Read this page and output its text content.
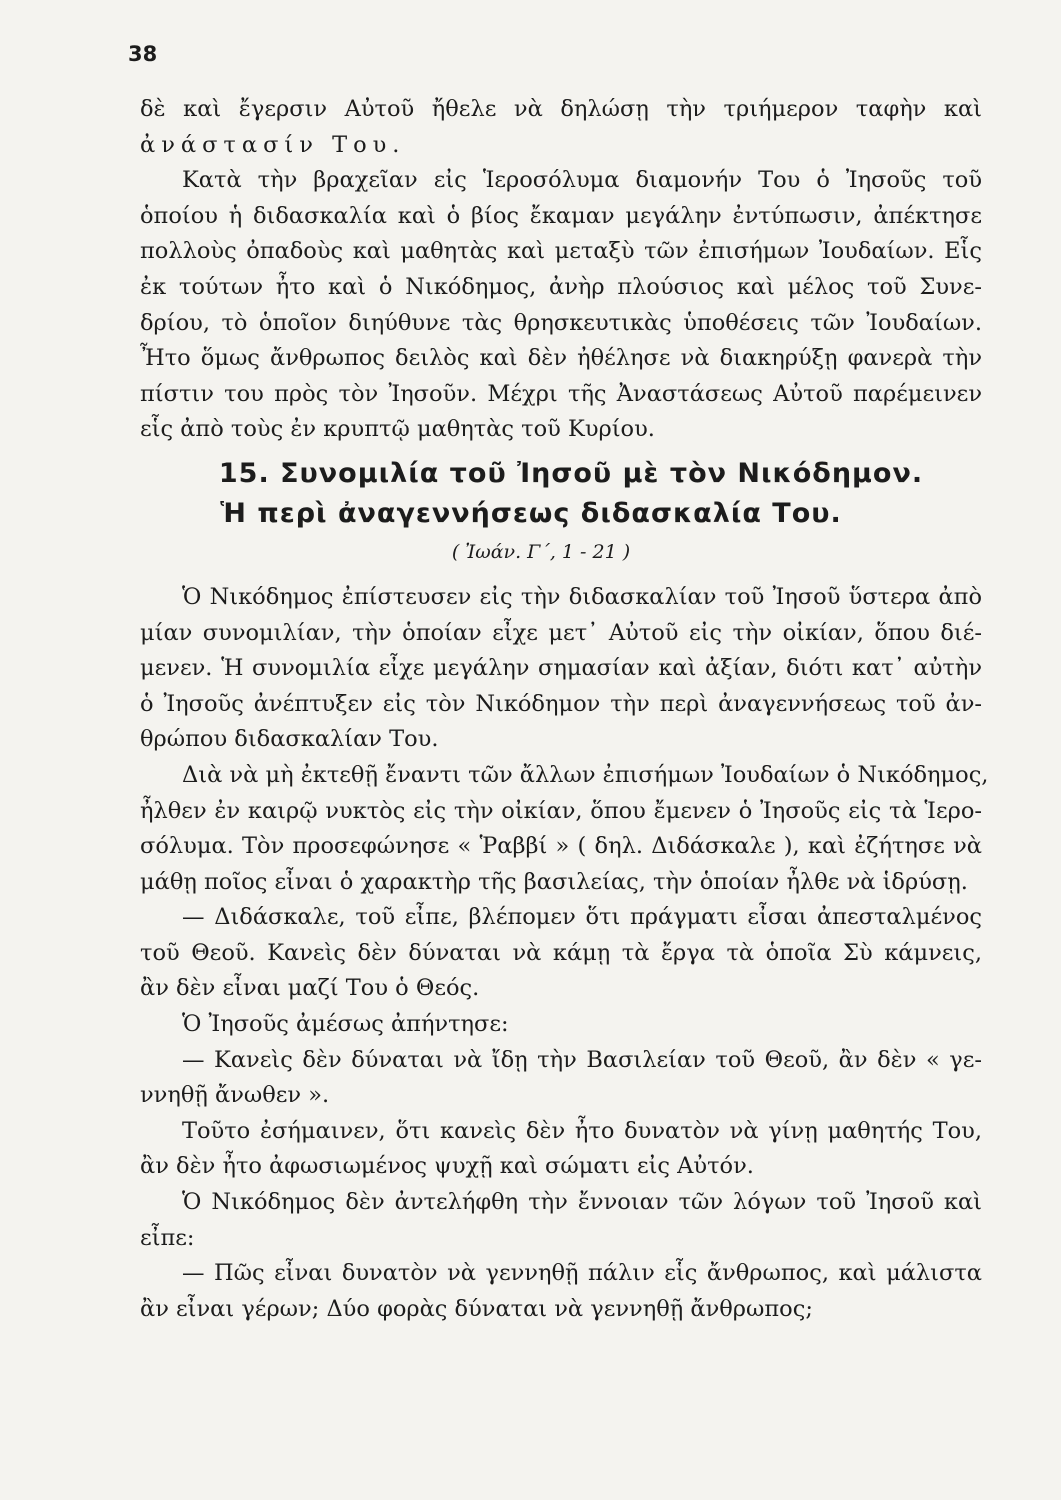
38
δὲ καὶ ἔγερσιν Αὐτοῦ ἤθελε νὰ δηλώσῃ τὴν τριήμερον ταφὴν καὶ
ἀνάστασίν Του.
Κατὰ τὴν βραχεῖαν εἰς Ἱεροσόλυμα διαμονήν Του ὁ Ἰησοῦς τοῦ
ὁποίου ἡ διδασκαλία καὶ ὁ βίος ἔκαμαν μεγάλην ἐντύπωσιν, ἀπέκτησε
πολλοὺς ὀπαδοὺς καὶ μαθητὰς καὶ μεταξὺ τῶν ἐπισήμων Ἰουδαίων. Εἷς
ἐκ τούτων ἦτο καὶ ὁ Νικόδημος, ἀνὴρ πλούσιος καὶ μέλος τοῦ Συνε-
δρίου, τὸ ὁποῖον διηύθυνε τὰς θρησκευτικὰς ὑποθέσεις τῶν Ἰουδαίων.
Ἦτο ὅμως ἄνθρωπος δειλὸς καὶ δὲν ἠθέλησε νὰ διακηρύξῃ φανερὰ τὴν
πίστιν του πρὸς τὸν Ἰησοῦν. Μέχρι τῆς Ἀναστάσεως Αὐτοῦ παρέμεινεν
εἷς ἀπὸ τοὺς ἐν κρυπτῷ μαθητὰς τοῦ Κυρίου.
15. Συνομιλία τοῦ Ἰησοῦ μὲ τὸν Νικόδημον.
Ἡ περὶ ἀναγεννήσεως διδασκαλία Του.
( Ἰωάν. Γ΄, 1 - 21 )
Ὁ Νικόδημος ἐπίστευσεν εἰς τὴν διδασκαλίαν τοῦ Ἰησοῦ ὕστερα ἀπὸ
μίαν συνομιλίαν, τὴν ὁποίαν εἶχε μετ᾽ Αὐτοῦ εἰς τὴν οἰκίαν, ὅπου διέ-
μενεν. Ἡ συνομιλία εἶχε μεγάλην σημασίαν καὶ ἀξίαν, διότι κατ᾽ αὐτὴν
ὁ Ἰησοῦς ἀνέπτυξεν εἰς τὸν Νικόδημον τὴν περὶ ἀναγεννήσεως τοῦ ἀν-
θρώπου διδασκαλίαν Του.
Διὰ νὰ μὴ ἐκτεθῇ ἔναντι τῶν ἄλλων ἐπισήμων Ἰουδαίων ὁ Νικόδημος,
ἦλθεν ἐν καιρῷ νυκτὸς εἰς τὴν οἰκίαν, ὅπου ἔμενεν ὁ Ἰησοῦς εἰς τὰ Ἱερο-
σόλυμα. Τὸν προσεφώνησε « Ῥαββί » ( δηλ. Διδάσκαλε ), καὶ ἐζήτησε νὰ
μάθῃ ποῖος εἶναι ὁ χαρακτὴρ τῆς βασιλείας, τὴν ὁποίαν ἦλθε νὰ ἱδρύσῃ.
— Διδάσκαλε, τοῦ εἶπε, βλέπομεν ὅτι πράγματι εἶσαι ἀπεσταλμένος
τοῦ Θεοῦ. Κανεὶς δὲν δύναται νὰ κάμῃ τὰ ἔργα τὰ ὁποῖα Σὺ κάμνεις,
ἂν δὲν εἶναι μαζί Του ὁ Θεός.
Ὁ Ἰησοῦς ἀμέσως ἀπήντησε:
— Κανεὶς δὲν δύναται νὰ ἴδῃ τὴν Βασιλείαν τοῦ Θεοῦ, ἂν δὲν « γε-
ννηθῇ ἄνωθεν ».
Τοῦτο ἐσήμαινεν, ὅτι κανεὶς δὲν ἦτο δυνατὸν νὰ γίνῃ μαθητής Του,
ἂν δὲν ἦτο ἀφωσιωμένος ψυχῇ καὶ σώματι εἰς Αὐτόν.
Ὁ Νικόδημος δὲν ἀντελήφθη τὴν ἔννοιαν τῶν λόγων τοῦ Ἰησοῦ καὶ
εἶπε:
— Πῶς εἶναι δυνατὸν νὰ γεννηθῇ πάλιν εἷς ἄνθρωπος, καὶ μάλιστα
ἂν εἶναι γέρων; Δύο φορὰς δύναται νὰ γεννηθῇ ἄνθρωπος;
